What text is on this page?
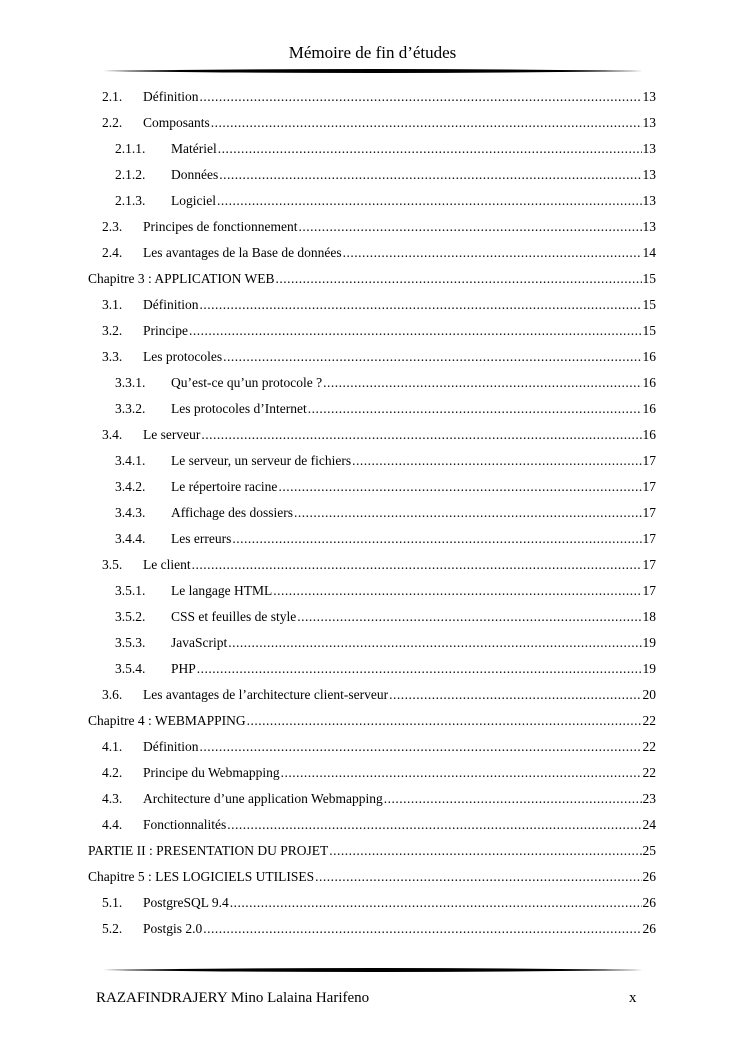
Mémoire de fin d’études
2.1.	Définition .....	13
2.2.	Composants .....	13
2.1.1.	Matériel .....	13
2.1.2.	Données .....	13
2.1.3.	Logiciel .....	13
2.3.	Principes de fonctionnement .....	13
2.4.	Les avantages de la Base de données .....	14
Chapitre 3 : APPLICATION WEB .....	15
3.1.	Définition .....	15
3.2.	Principe .....	15
3.3.	Les protocoles .....	16
3.3.1.	Qu’est-ce qu’un protocole ? .....	16
3.3.2.	Les protocoles d’Internet .....	16
3.4.	Le serveur .....	16
3.4.1.	Le serveur, un serveur de fichiers .....	17
3.4.2.	Le répertoire racine .....	17
3.4.3.	Affichage des dossiers .....	17
3.4.4.	Les erreurs .....	17
3.5.	Le client .....	17
3.5.1.	Le langage HTML .....	17
3.5.2.	CSS et feuilles de style .....	18
3.5.3.	JavaScript .....	19
3.5.4.	PHP .....	19
3.6.	Les avantages de l’architecture client-serveur .....	20
Chapitre 4 : WEBMAPPING .....	22
4.1.	Définition .....	22
4.2.	Principe du Webmapping .....	22
4.3.	Architecture d’une application Webmapping .....	23
4.4.	Fonctionnalités .....	24
PARTIE II : PRESENTATION DU PROJET .....	25
Chapitre 5 : LES LOGICIELS UTILISES .....	26
5.1.	PostgreSQL 9.4 .....	26
5.2.	Postgis 2.0 .....	26
RAZAFINDRAJERY Mino Lalaina Harifeno	x
